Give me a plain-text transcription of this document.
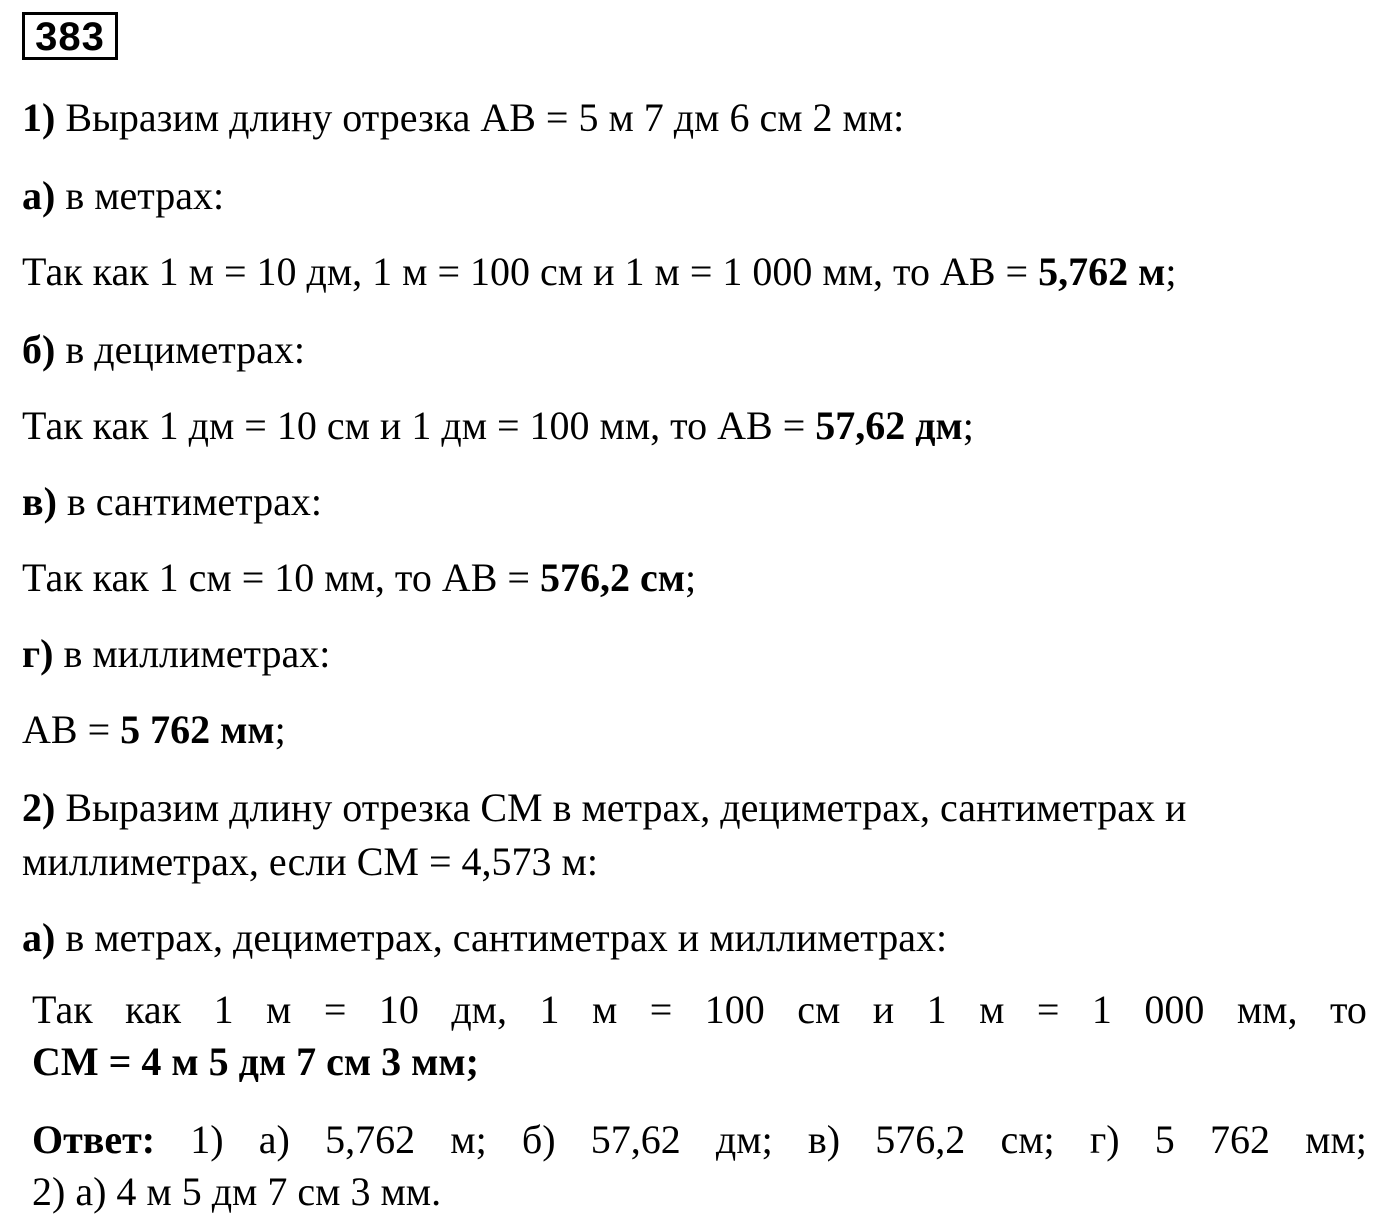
383
1) Выразим длину отрезка AB = 5 м 7 дм 6 см 2 мм:
а) в метрах:
Так как 1 м = 10 дм, 1 м = 100 см и 1 м = 1 000 мм, то AB = 5,762 м;
б) в дециметрах:
Так как 1 дм = 10 см и 1 дм = 100 мм, то AB = 57,62 дм;
в) в сантиметрах:
Так как 1 см = 10 мм, то AB = 576,2 см;
г) в миллиметрах:
AB = 5 762 мм;
2) Выразим длину отрезка CM в метрах, дециметрах, сантиметрах и
миллиметрах, если CM = 4,573 м:
а) в метрах, дециметрах, сантиметрах и миллиметрах:
Так как 1 м = 10 дм, 1 м = 100 см и 1 м = 1 000 мм, то
CM = 4 м 5 дм 7 см 3 мм;
Ответ: 1) а) 5,762 м; б) 57,62 дм; в) 576,2 см; г) 5 762 мм;
2) а) 4 м 5 дм 7 см 3 мм.
